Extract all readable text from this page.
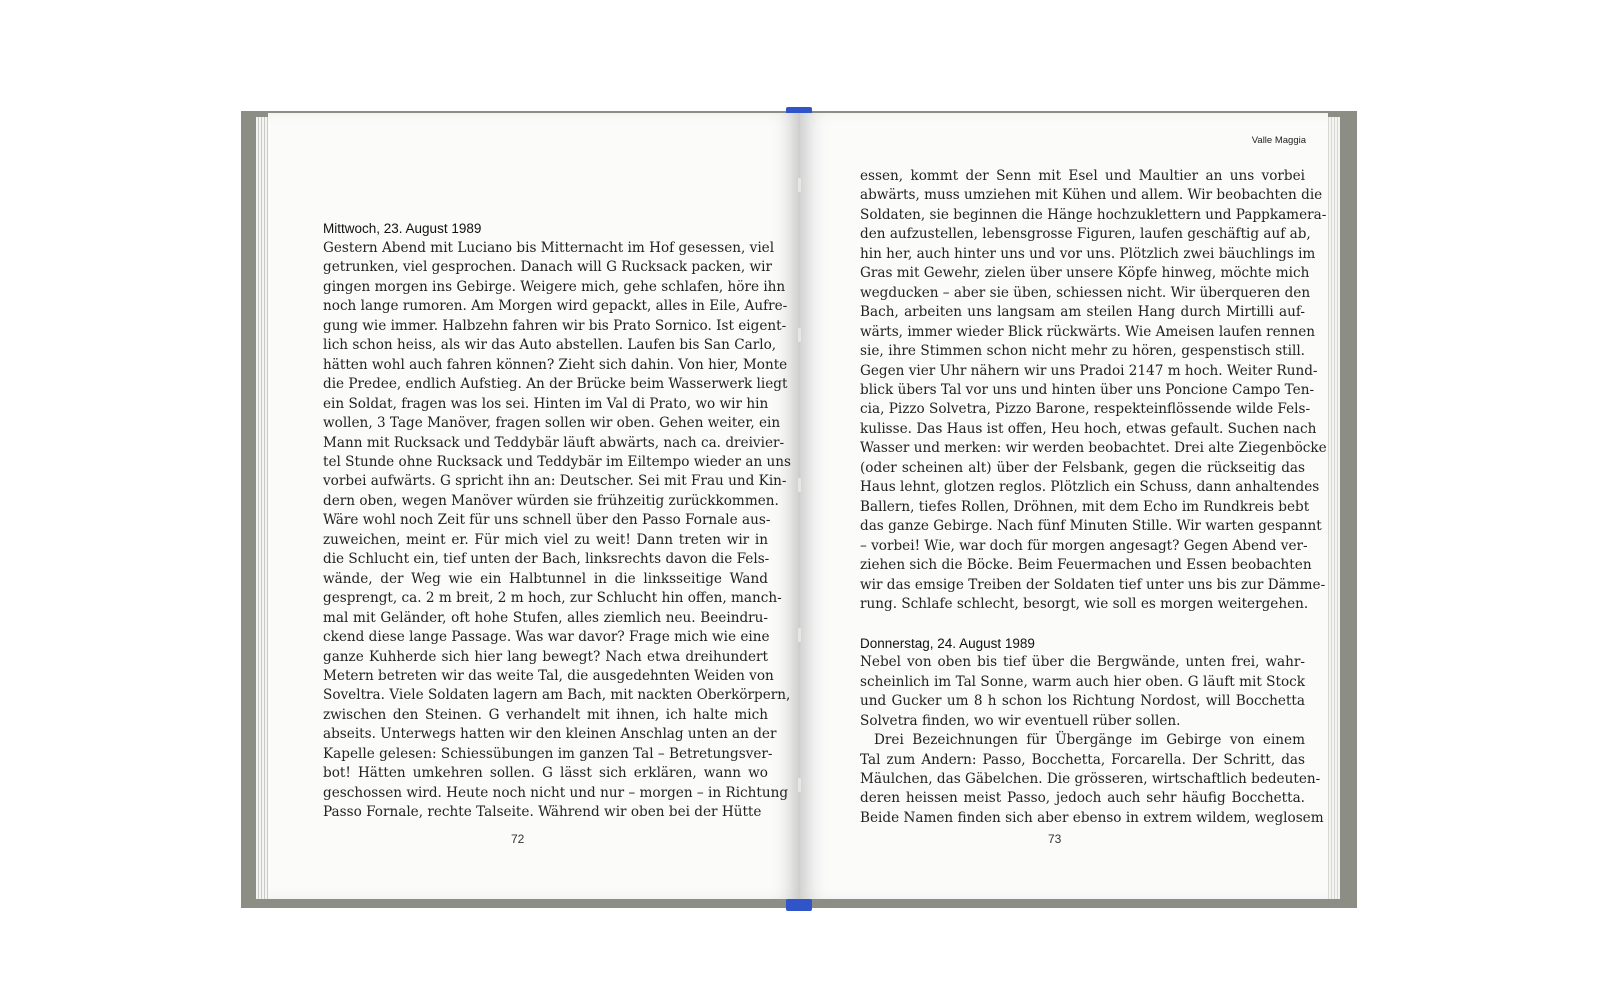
Mittwoch, 23. August 1989
Gestern Abend mit Luciano bis Mitternacht im Hof gesessen, viel
getrunken, viel gesprochen. Danach will G Rucksack packen, wir
gingen morgen ins Gebirge. Weigere mich, gehe schlafen, höre ihn
noch lange rumoren. Am Morgen wird gepackt, alles in Eile, Aufre-
gung wie immer. Halbzehn fahren wir bis Prato Sornico. Ist eigent-
lich schon heiss, als wir das Auto abstellen. Laufen bis San Carlo,
hätten wohl auch fahren können? Zieht sich dahin. Von hier, Monte
die Predee, endlich Aufstieg. An der Brücke beim Wasserwerk liegt
ein Soldat, fragen was los sei. Hinten im Val di Prato, wo wir hin
wollen, 3 Tage Manöver, fragen sollen wir oben. Gehen weiter, ein
Mann mit Rucksack und Teddybär läuft abwärts, nach ca. dreivier-
tel Stunde ohne Rucksack und Teddybär im Eiltempo wieder an uns
vorbei aufwärts. G spricht ihn an: Deutscher. Sei mit Frau und Kin-
dern oben, wegen Manöver würden sie frühzeitig zurückkommen.
Wäre wohl noch Zeit für uns schnell über den Passo Fornale aus-
zuweichen, meint er. Für mich viel zu weit! Dann treten wir in
die Schlucht ein, tief unten der Bach, linksrechts davon die Fels-
wände, der Weg wie ein Halbtunnel in die linksseitige Wand
gesprengt, ca. 2 m breit, 2 m hoch, zur Schlucht hin offen, manch-
mal mit Geländer, oft hohe Stufen, alles ziemlich neu. Beeindru-
ckend diese lange Passage. Was war davor? Frage mich wie eine
ganze Kuhherde sich hier lang bewegt? Nach etwa dreihundert
Metern betreten wir das weite Tal, die ausgedehnten Weiden von
Soveltra. Viele Soldaten lagern am Bach, mit nackten Oberkörpern,
zwischen den Steinen. G verhandelt mit ihnen, ich halte mich
abseits. Unterwegs hatten wir den kleinen Anschlag unten an der
Kapelle gelesen: Schiessübungen im ganzen Tal – Betretungsver-
bot! Hätten umkehren sollen. G lässt sich erklären, wann wo
geschossen wird. Heute noch nicht und nur – morgen – in Richtung
Passo Fornale, rechte Talseite. Während wir oben bei der Hütte
72
Valle Maggia
essen, kommt der Senn mit Esel und Maultier an uns vorbei
abwärts, muss umziehen mit Kühen und allem. Wir beobachten die
Soldaten, sie beginnen die Hänge hochzuklettern und Pappkamera-
den aufzustellen, lebensgrosse Figuren, laufen geschäftig auf ab,
hin her, auch hinter uns und vor uns. Plötzlich zwei bäuchlings im
Gras mit Gewehr, zielen über unsere Köpfe hinweg, möchte mich
wegducken – aber sie üben, schiessen nicht. Wir überqueren den
Bach, arbeiten uns langsam am steilen Hang durch Mirtilli auf-
wärts, immer wieder Blick rückwärts. Wie Ameisen laufen rennen
sie, ihre Stimmen schon nicht mehr zu hören, gespenstisch still.
Gegen vier Uhr nähern wir uns Pradoi 2147 m hoch. Weiter Rund-
blick übers Tal vor uns und hinten über uns Poncione Campo Ten-
cia, Pizzo Solvetra, Pizzo Barone, respekteinflössende wilde Fels-
kulisse. Das Haus ist offen, Heu hoch, etwas gefault. Suchen nach
Wasser und merken: wir werden beobachtet. Drei alte Ziegenböcke
(oder scheinen alt) über der Felsbank, gegen die rückseitig das
Haus lehnt, glotzen reglos. Plötzlich ein Schuss, dann anhaltendes
Ballern, tiefes Rollen, Dröhnen, mit dem Echo im Rundkreis bebt
das ganze Gebirge. Nach fünf Minuten Stille. Wir warten gespannt
– vorbei! Wie, war doch für morgen angesagt? Gegen Abend ver-
ziehen sich die Böcke. Beim Feuermachen und Essen beobachten
wir das emsige Treiben der Soldaten tief unter uns bis zur Dämme-
rung. Schlafe schlecht, besorgt, wie soll es morgen weitergehen.
Donnerstag, 24. August 1989
Nebel von oben bis tief über die Bergwände, unten frei, wahr-
scheinlich im Tal Sonne, warm auch hier oben. G läuft mit Stock
und Gucker um 8 h schon los Richtung Nordost, will Bocchetta
Solvetra finden, wo wir eventuell rüber sollen.
Drei Bezeichnungen für Übergänge im Gebirge von einem
Tal zum Andern: Passo, Bocchetta, Forcarella. Der Schritt, das
Mäulchen, das Gäbelchen. Die grösseren, wirtschaftlich bedeuten-
deren heissen meist Passo, jedoch auch sehr häufig Bocchetta.
Beide Namen finden sich aber ebenso in extrem wildem, weglosem
73
